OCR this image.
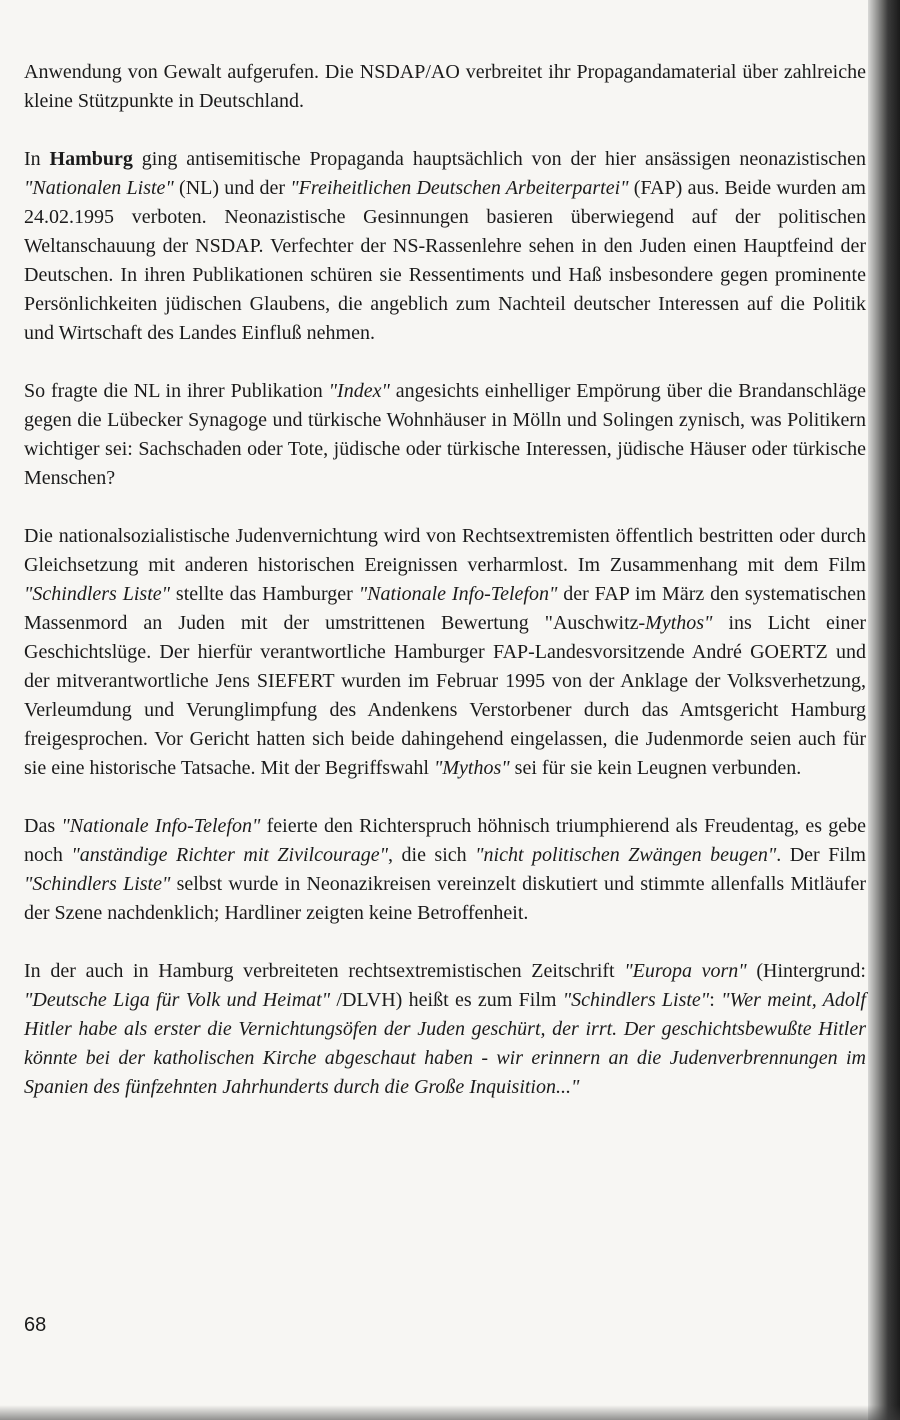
Anwendung von Gewalt aufgerufen. Die NSDAP/AO verbreitet ihr Propagandamaterial über zahlreiche kleine Stützpunkte in Deutschland.

In Hamburg ging antisemitische Propaganda hauptsächlich von der hier ansässigen neonazistischen "Nationalen Liste" (NL) und der "Freiheitlichen Deutschen Arbeiterpartei" (FAP) aus. Beide wurden am 24.02.1995 verboten. Neonazistische Gesinnungen basieren überwiegend auf der politischen Weltanschauung der NSDAP. Verfechter der NS-Rassenlehre sehen in den Juden einen Hauptfeind der Deutschen. In ihren Publikationen schüren sie Ressentiments und Haß insbesondere gegen prominente Persönlichkeiten jüdischen Glaubens, die angeblich zum Nachteil deutscher Interessen auf die Politik und Wirtschaft des Landes Einfluß nehmen.

So fragte die NL in ihrer Publikation "Index" angesichts einhelliger Empörung über die Brandanschläge gegen die Lübecker Synagoge und türkische Wohnhäuser in Mölln und Solingen zynisch, was Politikern wichtiger sei: Sachschaden oder Tote, jüdische oder türkische Interessen, jüdische Häuser oder türkische Menschen?

Die nationalsozialistische Judenvernichtung wird von Rechtsextremisten öffentlich bestritten oder durch Gleichsetzung mit anderen historischen Ereignissen verharmlost. Im Zusammenhang mit dem Film "Schindlers Liste" stellte das Hamburger "Nationale Info-Telefon" der FAP im März den systematischen Massenmord an Juden mit der umstrittenen Bewertung "Auschwitz-Mythos" ins Licht einer Geschichtslüge. Der hierfür verantwortliche Hamburger FAP-Landesvorsitzende André GOERTZ und der mitverantwortliche Jens SIEFERT wurden im Februar 1995 von der Anklage der Volksverhetzung, Verleumdung und Verunglimpfung des Andenkens Verstorbener durch das Amtsgericht Hamburg freigesprochen. Vor Gericht hatten sich beide dahingehend eingelassen, die Judenmorde seien auch für sie eine historische Tatsache. Mit der Begriffswahl "Mythos" sei für sie kein Leugnen verbunden.

Das "Nationale Info-Telefon" feierte den Richterspruch höhnisch triumphierend als Freudentag, es gebe noch "anständige Richter mit Zivilcourage", die sich "nicht politischen Zwängen beugen". Der Film "Schindlers Liste" selbst wurde in Neonazikreisen vereinzelt diskutiert und stimmte allenfalls Mitläufer der Szene nachdenklich; Hardliner zeigten keine Betroffenheit.

In der auch in Hamburg verbreiteten rechtsextremistischen Zeitschrift "Europa vorn" (Hintergrund: "Deutsche Liga für Volk und Heimat" /DLVH) heißt es zum Film "Schindlers Liste": "Wer meint, Adolf Hitler habe als erster die Vernichtungsöfen der Juden geschürt, der irrt. Der geschichtsbewußte Hitler könnte bei der katholischen Kirche abgeschaut haben - wir erinnern an die Judenverbrennungen im Spanien des fünfzehnten Jahrhunderts durch die Große Inquisition..."

68
